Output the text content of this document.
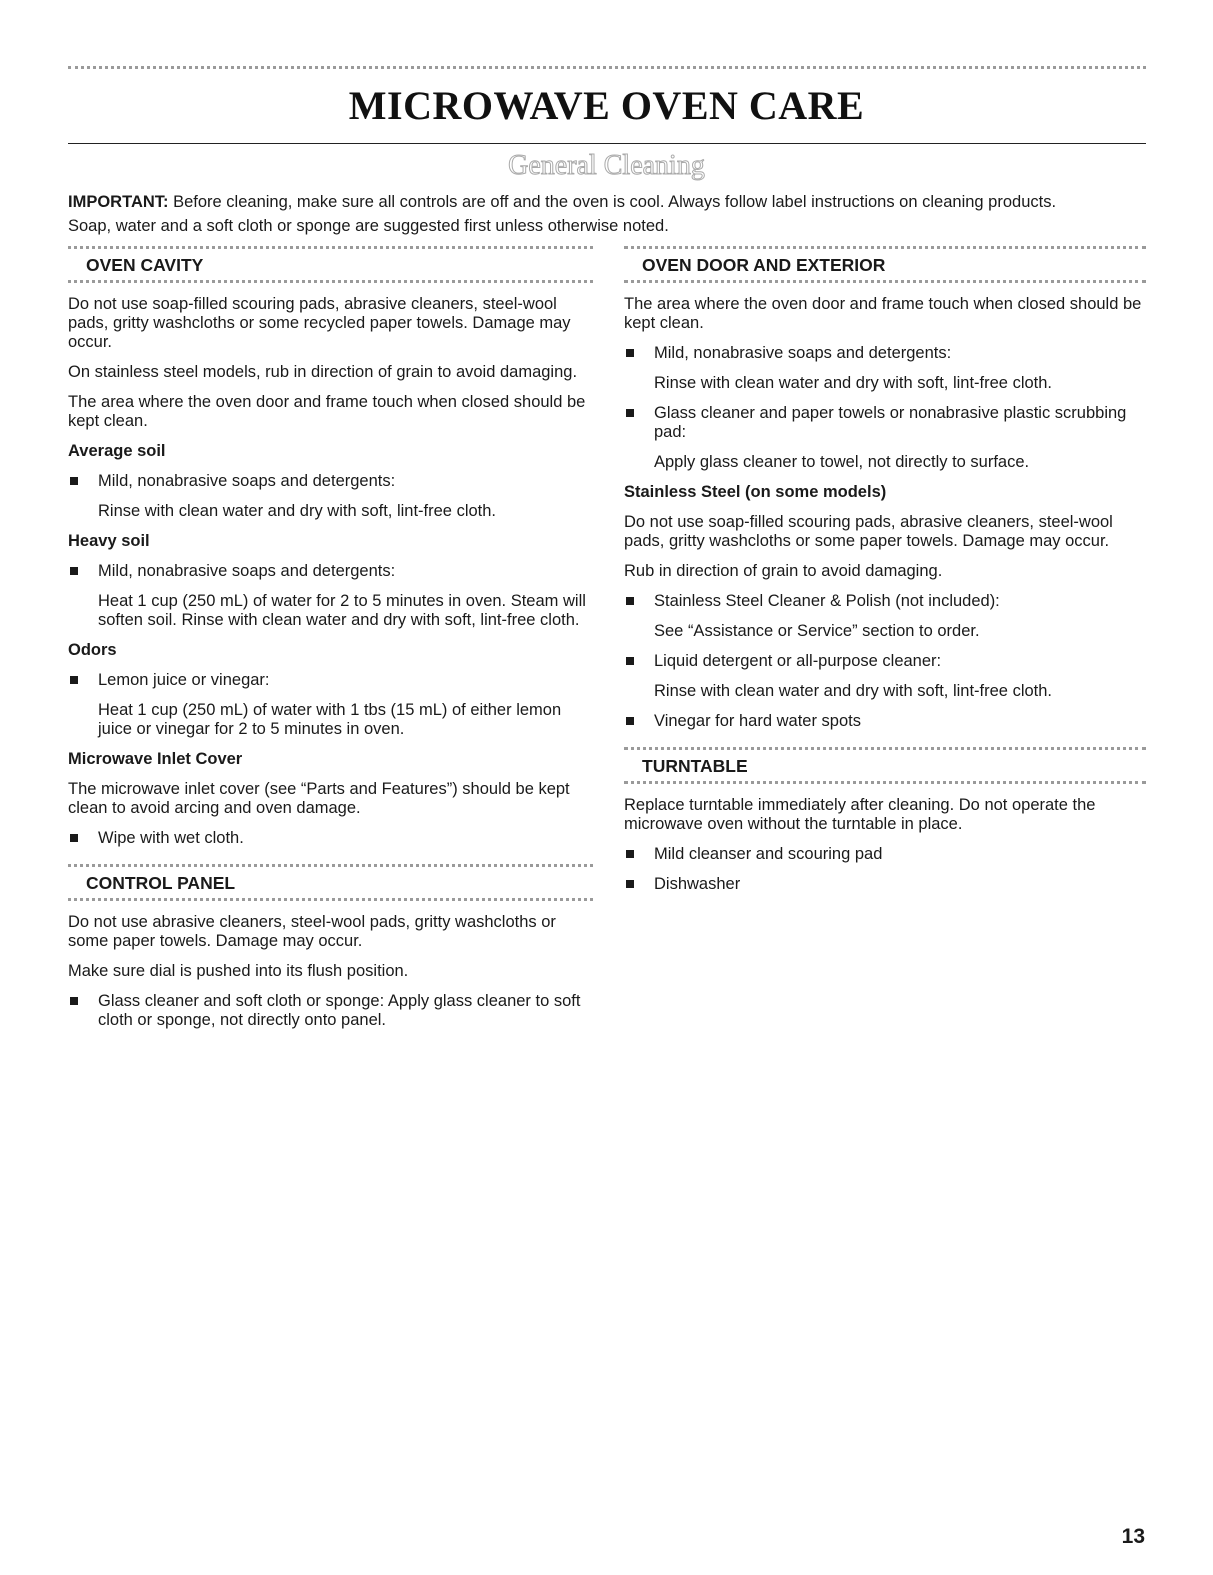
MICROWAVE OVEN CARE
General Cleaning

IMPORTANT: Before cleaning, make sure all controls are off and the oven is cool. Always follow label instructions on cleaning products.

Soap, water and a soft cloth or sponge are suggested first unless otherwise noted.

OVEN CAVITY

Do not use soap-filled scouring pads, abrasive cleaners, steel-wool pads, gritty washcloths or some recycled paper towels. Damage may occur.

On stainless steel models, rub in direction of grain to avoid damaging.

The area where the oven door and frame touch when closed should be kept clean.

Average soil
Mild, nonabrasive soaps and detergents:
Rinse with clean water and dry with soft, lint-free cloth.
Heavy soil
Mild, nonabrasive soaps and detergents:
Heat 1 cup (250 mL) of water for 2 to 5 minutes in oven. Steam will soften soil. Rinse with clean water and dry with soft, lint-free cloth.
Odors
Lemon juice or vinegar:
Heat 1 cup (250 mL) of water with 1 tbs (15 mL) of either lemon juice or vinegar for 2 to 5 minutes in oven.
Microwave Inlet Cover

The microwave inlet cover (see “Parts and Features”) should be kept clean to avoid arcing and oven damage.

Wipe with wet cloth.
CONTROL PANEL

Do not use abrasive cleaners, steel-wool pads, gritty washcloths or some paper towels. Damage may occur.

Make sure dial is pushed into its flush position.

Glass cleaner and soft cloth or sponge: Apply glass cleaner to soft cloth or sponge, not directly onto panel.
OVEN DOOR AND EXTERIOR

The area where the oven door and frame touch when closed should be kept clean.

Mild, nonabrasive soaps and detergents:
Rinse with clean water and dry with soft, lint-free cloth.
Glass cleaner and paper towels or nonabrasive plastic scrubbing pad:
Apply glass cleaner to towel, not directly to surface.
Stainless Steel (on some models)

Do not use soap-filled scouring pads, abrasive cleaners, steel-wool pads, gritty washcloths or some paper towels. Damage may occur.

Rub in direction of grain to avoid damaging.

Stainless Steel Cleaner & Polish (not included):
See “Assistance or Service” section to order.
Liquid detergent or all-purpose cleaner:
Rinse with clean water and dry with soft, lint-free cloth.
Vinegar for hard water spots
TURNTABLE

Replace turntable immediately after cleaning. Do not operate the microwave oven without the turntable in place.

Mild cleanser and scouring pad
Dishwasher
13
